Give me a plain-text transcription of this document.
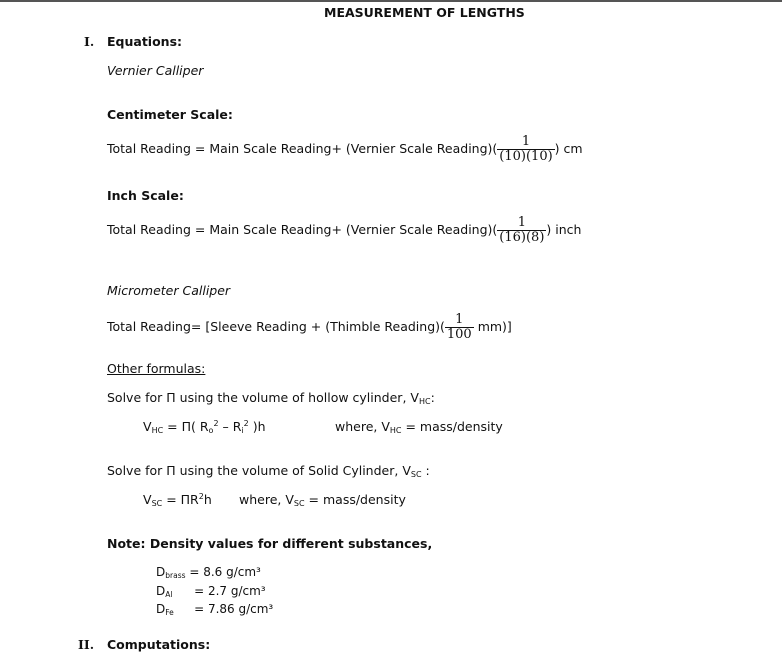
MEASUREMENT OF LENGTHS
I. Equations:
Vernier Calliper
Centimeter Scale:
Total Reading = Main Scale Reading+ (Vernier Scale Reading)( $\frac{1}{(10)(10)}$ ) cm
Inch Scale:
Total Reading = Main Scale Reading+ (Vernier Scale Reading)( $\frac{1}{(16)(8)}$ ) inch
Micrometer Calliper
Total Reading= [Sleeve Reading + (Thimble Reading)( $\frac{1}{100} mm$)]
Other formulas:
Solve for Π using the volume of hollow cylinder, $V_{HC}$:
$V_{HC} = \Pi$( $R_o^2 - R_i^2$ )h	where, $V_{HC}$ = mass/density
Solve for Π using the volume of Solid Cylinder, $V_{SC}$ :
$V_{SC} = \Pi R^2h$ where, $V_{SC}$ = mass/density
Note: Density values for different substances,
Dbrass = 8.6 g/cm³
DAl = 2.7 g/cm³
DFe = 7.86 g/cm³
II. Computations:
